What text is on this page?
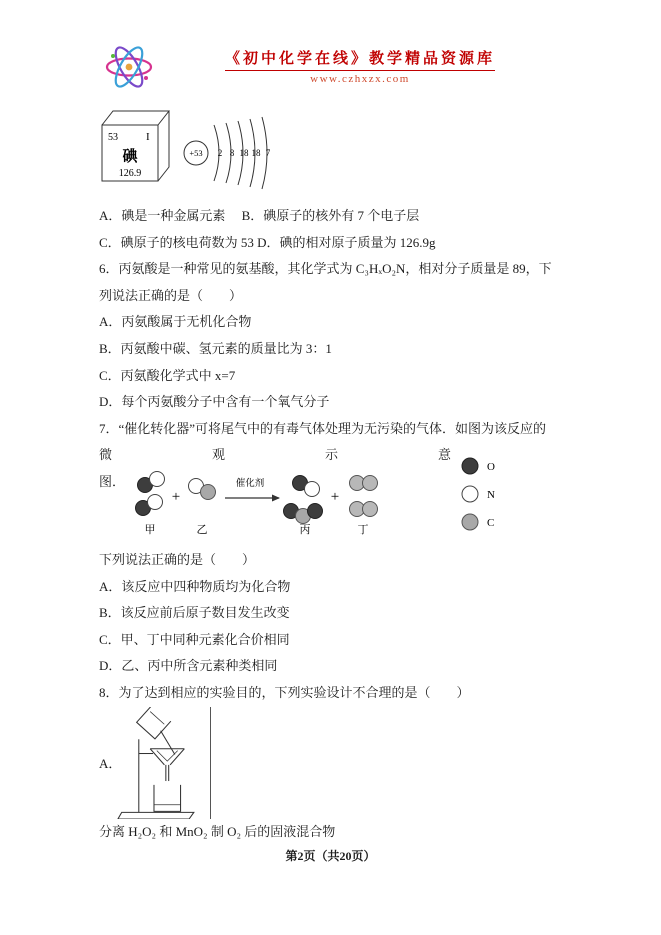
《初中化学在线》教学精品资源库
www.czhxzx.com
53	I
碘
126.9
+53 2 8 18 18 7

A．碘是一种金属元素　 B．碘原子的核外有 7 个电子层

C．碘原子的核电荷数为 53 D．碘的相对原子质量为 126.9g

6．丙氨酸是一种常见的氨基酸，其化学式为 C₃HₓO₂N，相对分子质量是 89，下

列说法正确的是（　　）

A．丙氨酸属于无机化合物

B．丙氨酸中碳、氢元素的质量比为 3：1

C．丙氨酸化学式中 x=7

D．每个丙氨酸分子中含有一个氧气分子

7．“催化转化器”可将尾气中的有毒气体处理为无污染的气体．如图为该反应的

微	观	示	意
图．
+
催化剂
+
甲	乙	丙	丁
O
N
C

下列说法正确的是（　　）

A．该反应中四种物质均为化合物

B．该反应前后原子数目发生改变

C．甲、丁中同种元素化合价相同

D．乙、丙中所含元素种类相同

8．为了达到相应的实验目的，下列实验设计不合理的是（　　）

A．

分离 H₂O₂ 和 MnO₂ 制 O₂ 后的固液混合物

第2页（共20页）
